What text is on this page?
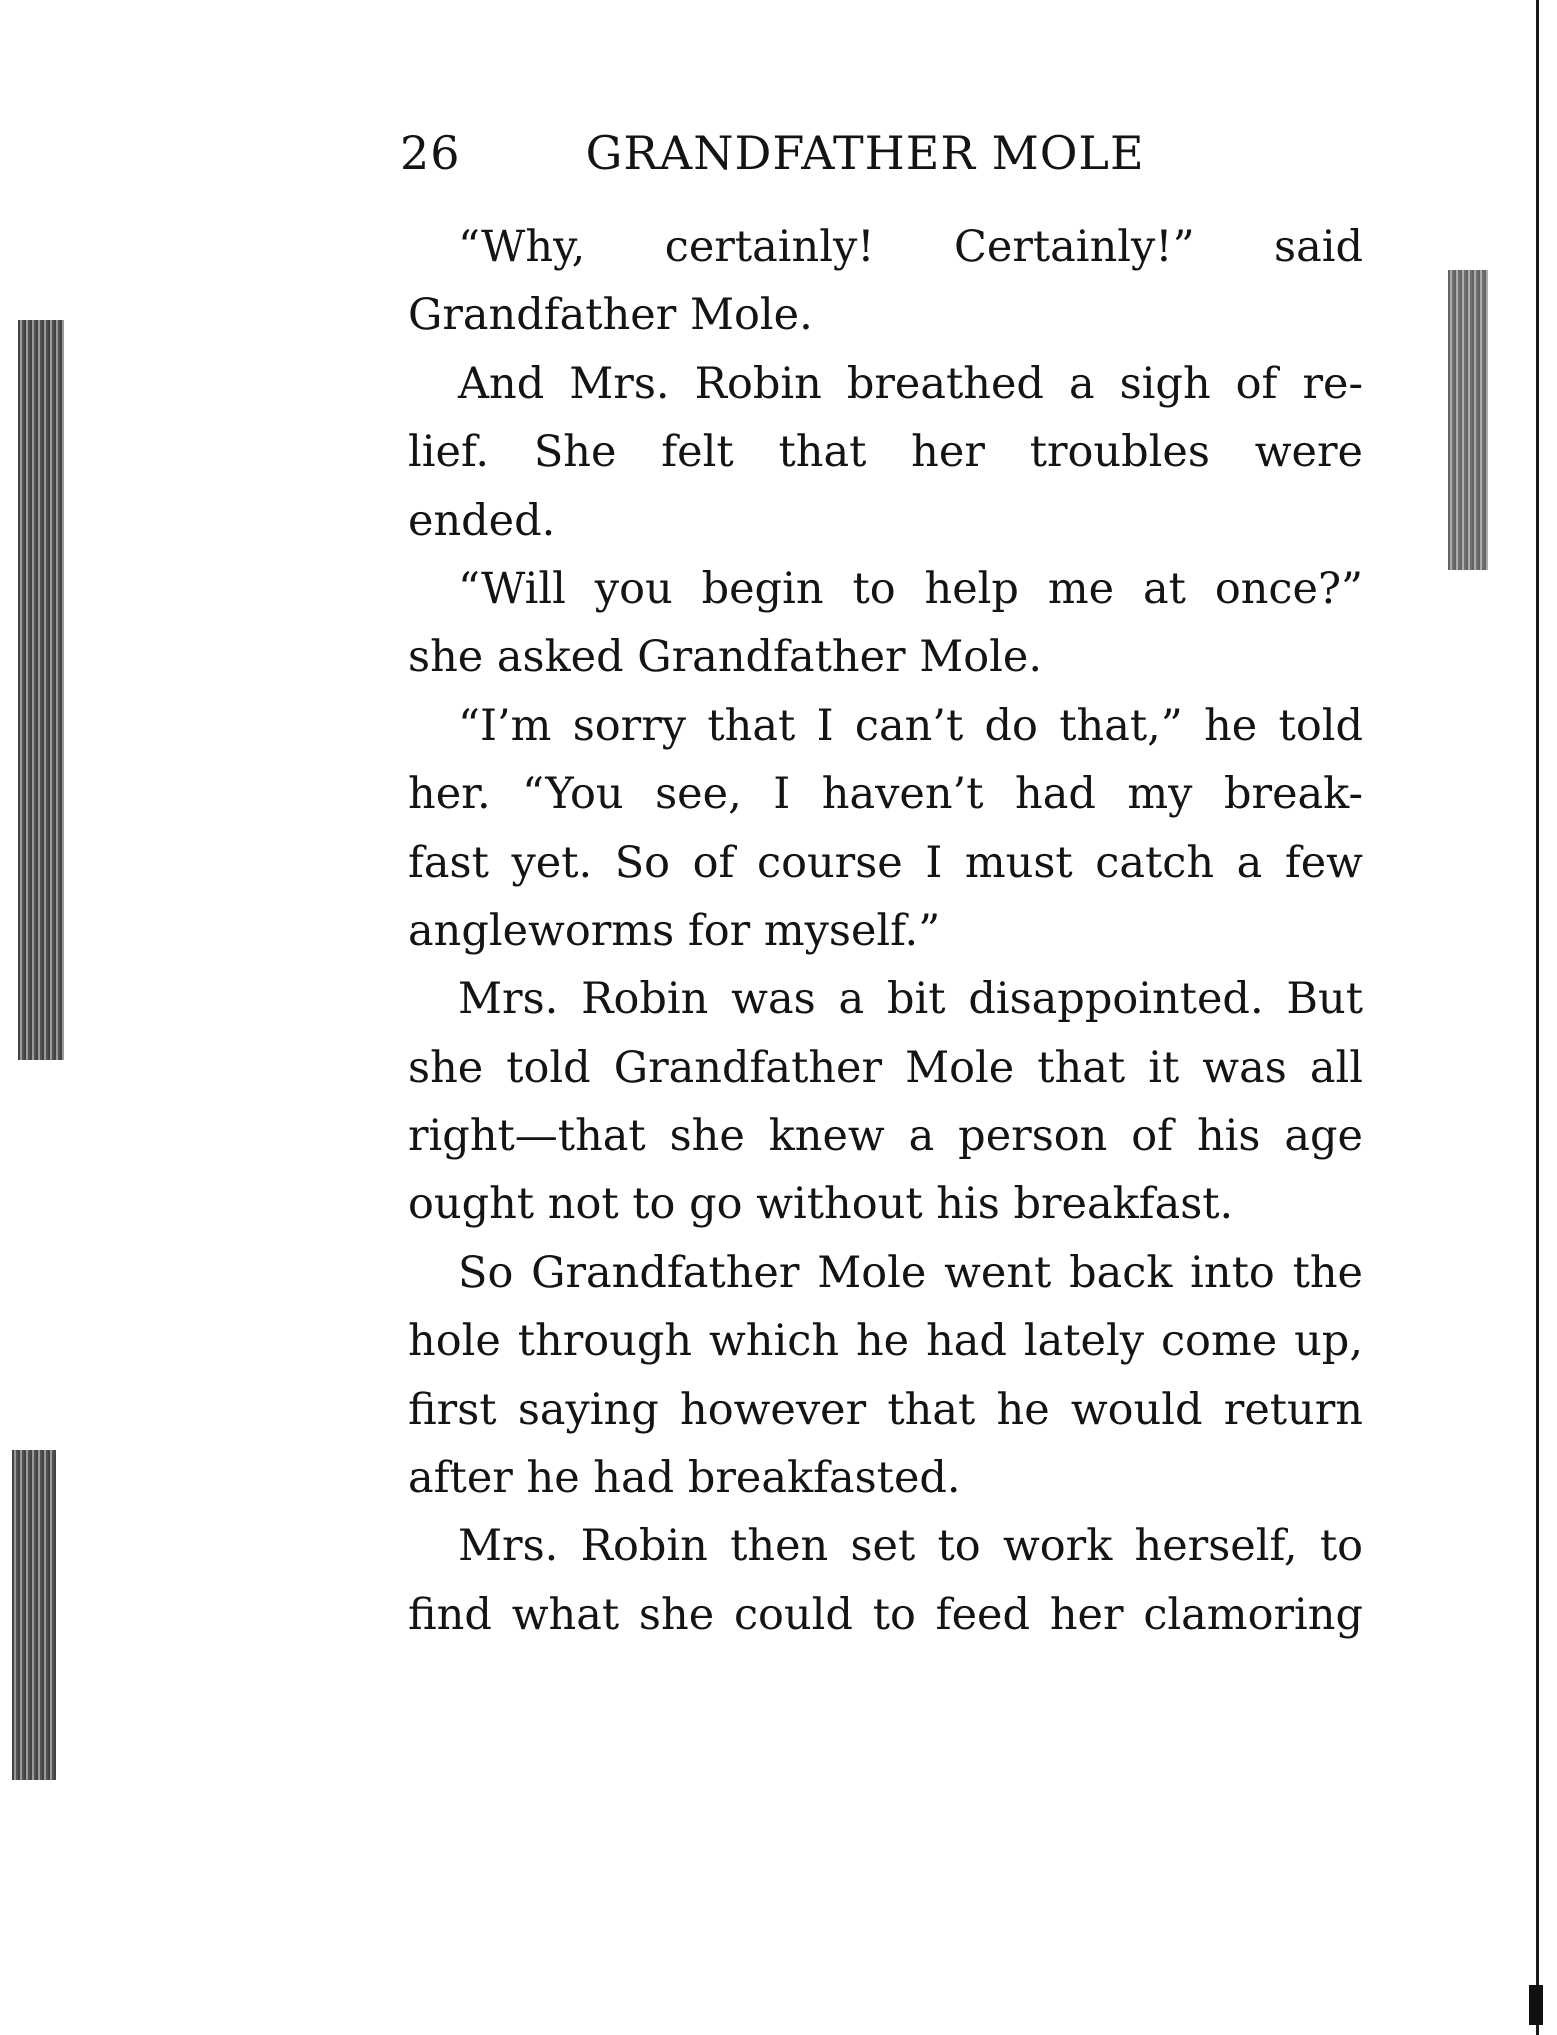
26	GRANDFATHER MOLE
“Why, certainly! Certainly!” said
Grandfather Mole.
And Mrs. Robin breathed a sigh of re-
lief. She felt that her troubles were
ended.
“Will you begin to help me at once?”
she asked Grandfather Mole.
“I’m sorry that I can’t do that,” he told
her. “You see, I haven’t had my break-
fast yet. So of course I must catch a few
angleworms for myself.”
Mrs. Robin was a bit disappointed. But
she told Grandfather Mole that it was all
right—that she knew a person of his age
ought not to go without his breakfast.
So Grandfather Mole went back into the
hole through which he had lately come up,
first saying however that he would return
after he had breakfasted.
Mrs. Robin then set to work herself, to
find what she could to feed her clamoring
